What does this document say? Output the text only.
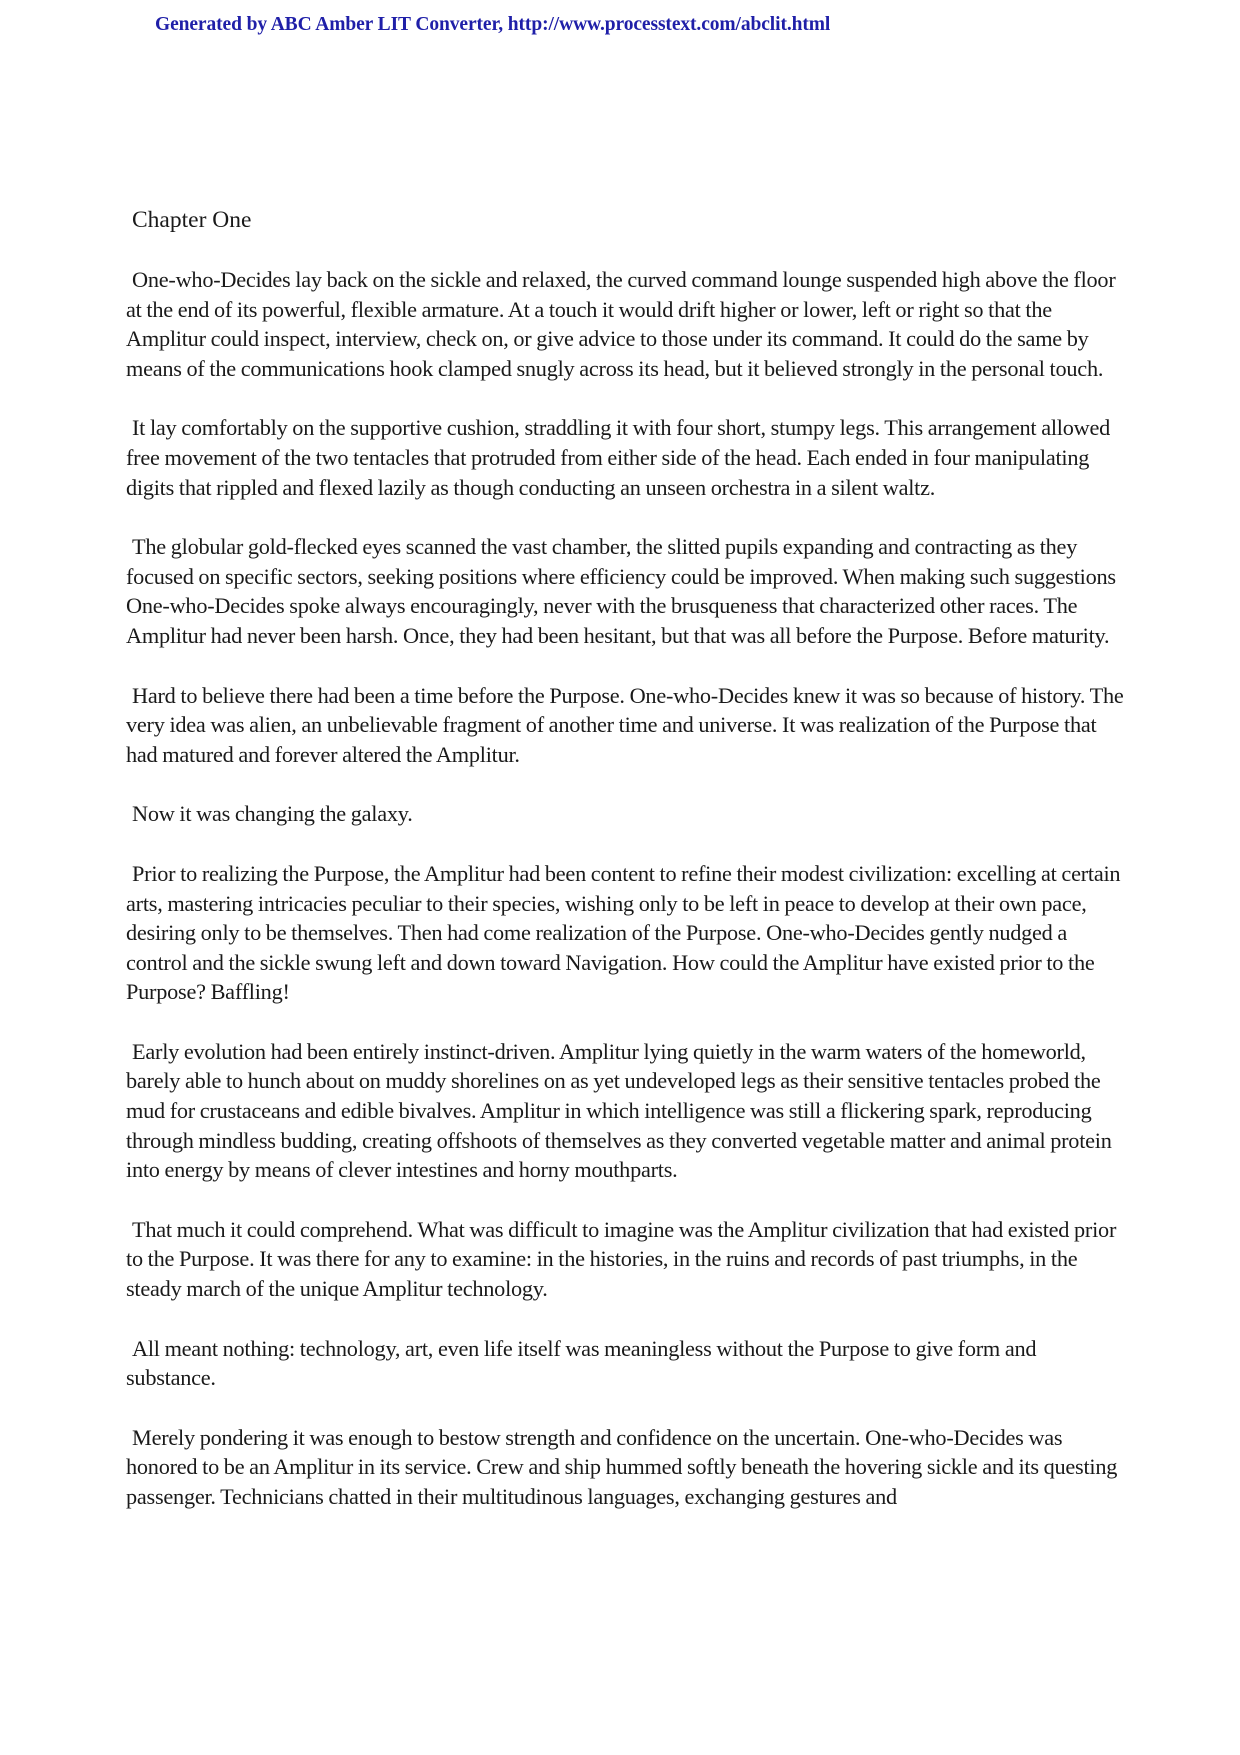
Generated by ABC Amber LIT Converter, http://www.processtext.com/abclit.html
Chapter One

One-who-Decides lay back on the sickle and relaxed, the curved command lounge suspended high above the floor at the end of its powerful, flexible armature. At a touch it would drift higher or lower, left or right so that the Amplitur could inspect, interview, check on, or give advice to those under its command. It could do the same by means of the communications hook clamped snugly across its head, but it believed strongly in the personal touch.

It lay comfortably on the supportive cushion, straddling it with four short, stumpy legs. This arrangement allowed free movement of the two tentacles that protruded from either side of the head. Each ended in four manipulating digits that rippled and flexed lazily as though conducting an unseen orchestra in a silent waltz.

The globular gold-flecked eyes scanned the vast chamber, the slitted pupils expanding and contracting as they focused on specific sectors, seeking positions where efficiency could be improved. When making such suggestions One-who-Decides spoke always encouragingly, never with the brusqueness that characterized other races. The Amplitur had never been harsh. Once, they had been hesitant, but that was all before the Purpose. Before maturity.

Hard to believe there had been a time before the Purpose. One-who-Decides knew it was so because of history. The very idea was alien, an unbelievable fragment of another time and universe. It was realization of the Purpose that had matured and forever altered the Amplitur.

Now it was changing the galaxy.

Prior to realizing the Purpose, the Amplitur had been content to refine their modest civilization: excelling at certain arts, mastering intricacies peculiar to their species, wishing only to be left in peace to develop at their own pace, desiring only to be themselves. Then had come realization of the Purpose. One-who-Decides gently nudged a control and the sickle swung left and down toward Navigation. How could the Amplitur have existed prior to the Purpose? Baffling!

Early evolution had been entirely instinct-driven. Amplitur lying quietly in the warm waters of the homeworld, barely able to hunch about on muddy shorelines on as yet undeveloped legs as their sensitive tentacles probed the mud for crustaceans and edible bivalves. Amplitur in which intelligence was still a flickering spark, reproducing through mindless budding, creating offshoots of themselves as they converted vegetable matter and animal protein into energy by means of clever intestines and horny mouthparts.

That much it could comprehend. What was difficult to imagine was the Amplitur civilization that had existed prior to the Purpose. It was there for any to examine: in the histories, in the ruins and records of past triumphs, in the steady march of the unique Amplitur technology.

All meant nothing: technology, art, even life itself was meaningless without the Purpose to give form and substance.

Merely pondering it was enough to bestow strength and confidence on the uncertain. One-who-Decides was honored to be an Amplitur in its service. Crew and ship hummed softly beneath the hovering sickle and its questing passenger. Technicians chatted in their multitudinous languages, exchanging gestures and
